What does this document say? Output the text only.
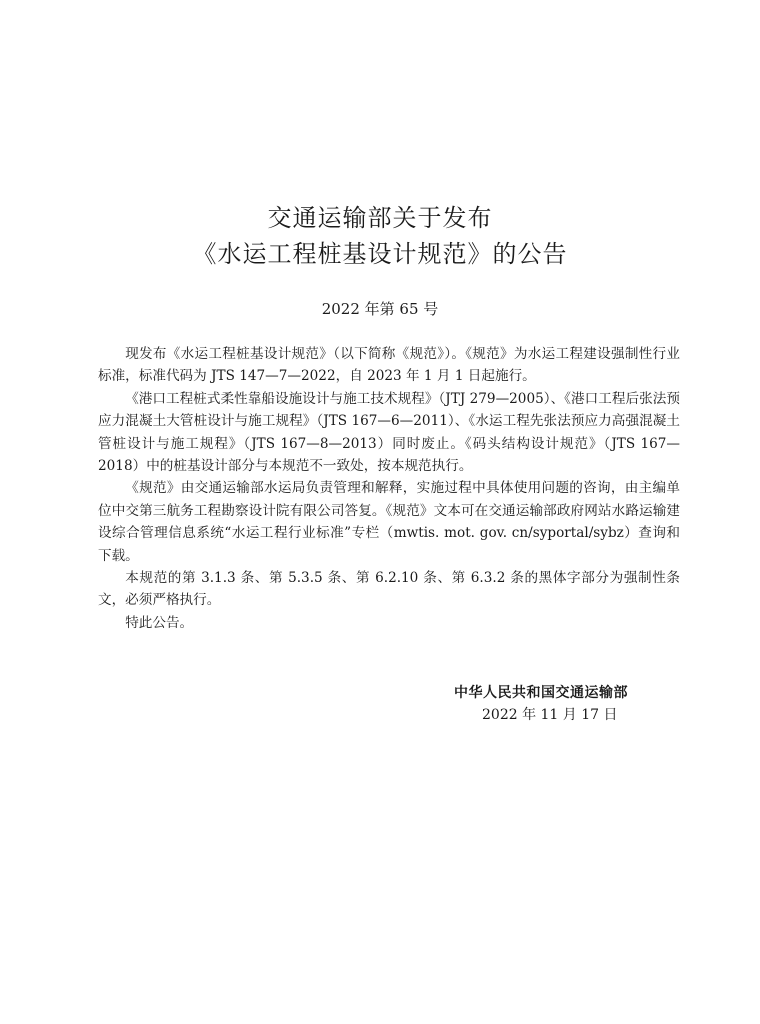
交通运输部关于发布
《水运工程桩基设计规范》的公告
2022 年第 65 号

现发布《水运工程桩基设计规范》（以下简称《规范》）。《规范》为水运工程建设强制性行业标准，标准代码为 JTS 147—7—2022，自 2023 年 1 月 1 日起施行。

《港口工程桩式柔性靠船设施设计与施工技术规程》（JTJ 279—2005）、《港口工程后张法预应力混凝土大管桩设计与施工规程》（JTS 167—6—2011）、《水运工程先张法预应力高强混凝土管桩设计与施工规程》（JTS 167—8—2013）同时废止。《码头结构设计规范》（JTS 167—2018）中的桩基设计部分与本规范不一致处，按本规范执行。

《规范》由交通运输部水运局负责管理和解释，实施过程中具体使用问题的咨询，由主编单位中交第三航务工程勘察设计院有限公司答复。《规范》文本可在交通运输部政府网站水路运输建设综合管理信息系统“水运工程行业标准”专栏（mwtis. mot. gov. cn/syportal/sybz）查询和下载。

本规范的第 3.1.3 条、第 5.3.5 条、第 6.2.10 条、第 6.3.2 条的黑体字部分为强制性条文，必须严格执行。

特此公告。

中华人民共和国交通运输部
2022 年 11 月 17 日
